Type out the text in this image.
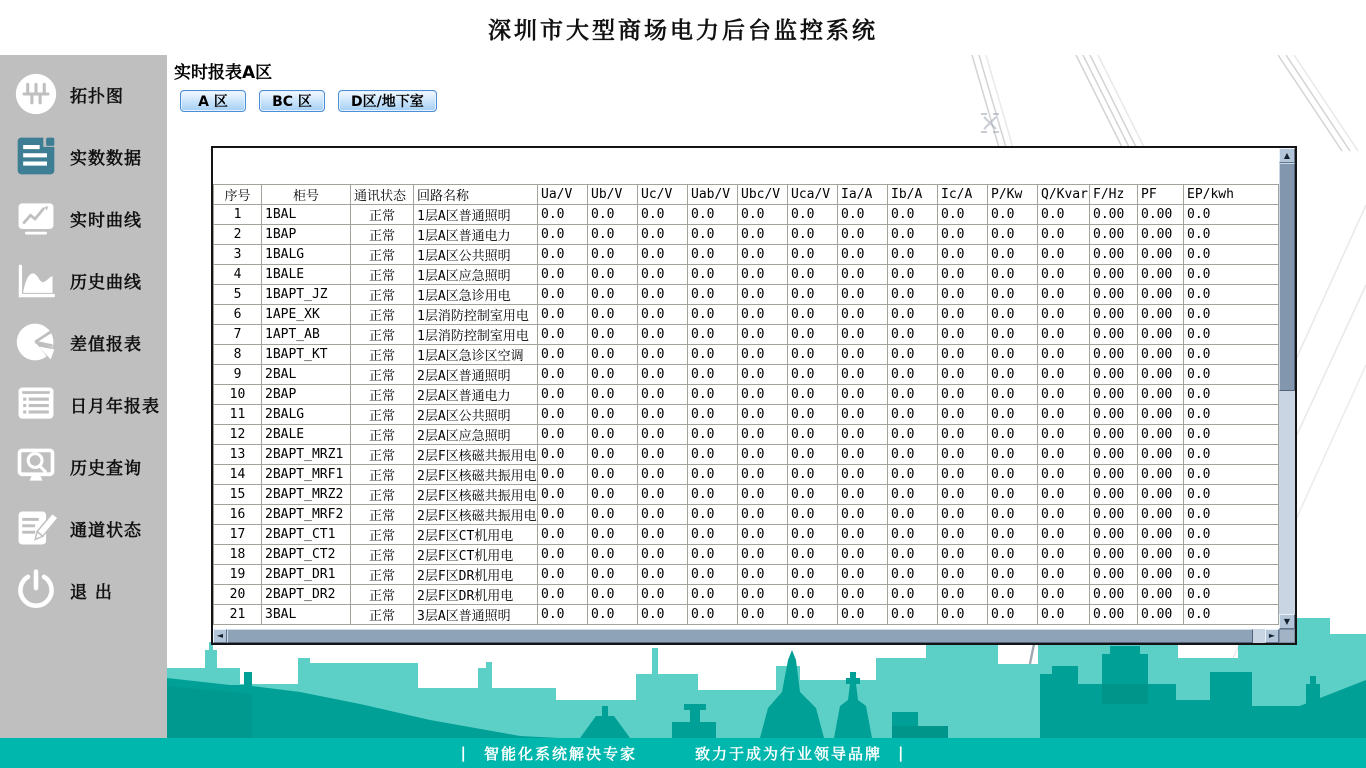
深圳市大型商场电力后台监控系统
拓扑图
实数数据
实时曲线
历史曲线
差值报表
日月年报表
历史查询
通道状态
退 出
实时报表A区
A 区	BC 区	D区/地下室
序号	柜号	通讯状态	回路名称	Ua/V	Ub/V	Uc/V	Uab/V	Ubc/V	Uca/V	Ia/A	Ib/A	Ic/A	P/Kw	Q/Kvar	F/Hz	PF	EP/kwh
1	1BAL	正常	1层A区普通照明	0.0	0.0	0.0	0.0	0.0	0.0	0.0	0.0	0.0	0.0	0.0	0.00	0.00	0.0
2	1BAP	正常	1层A区普通电力	0.0	0.0	0.0	0.0	0.0	0.0	0.0	0.0	0.0	0.0	0.0	0.00	0.00	0.0
3	1BALG	正常	1层A区公共照明	0.0	0.0	0.0	0.0	0.0	0.0	0.0	0.0	0.0	0.0	0.0	0.00	0.00	0.0
4	1BALE	正常	1层A区应急照明	0.0	0.0	0.0	0.0	0.0	0.0	0.0	0.0	0.0	0.0	0.0	0.00	0.00	0.0
5	1BAPT_JZ	正常	1层A区急诊用电	0.0	0.0	0.0	0.0	0.0	0.0	0.0	0.0	0.0	0.0	0.0	0.00	0.00	0.0
6	1APE_XK	正常	1层消防控制室用电	0.0	0.0	0.0	0.0	0.0	0.0	0.0	0.0	0.0	0.0	0.0	0.00	0.00	0.0
7	1APT_AB	正常	1层消防控制室用电	0.0	0.0	0.0	0.0	0.0	0.0	0.0	0.0	0.0	0.0	0.0	0.00	0.00	0.0
8	1BAPT_KT	正常	1层A区急诊区空调	0.0	0.0	0.0	0.0	0.0	0.0	0.0	0.0	0.0	0.0	0.0	0.00	0.00	0.0
9	2BAL	正常	2层A区普通照明	0.0	0.0	0.0	0.0	0.0	0.0	0.0	0.0	0.0	0.0	0.0	0.00	0.00	0.0
10	2BAP	正常	2层A区普通电力	0.0	0.0	0.0	0.0	0.0	0.0	0.0	0.0	0.0	0.0	0.0	0.00	0.00	0.0
11	2BALG	正常	2层A区公共照明	0.0	0.0	0.0	0.0	0.0	0.0	0.0	0.0	0.0	0.0	0.0	0.00	0.00	0.0
12	2BALE	正常	2层A区应急照明	0.0	0.0	0.0	0.0	0.0	0.0	0.0	0.0	0.0	0.0	0.0	0.00	0.00	0.0
13	2BAPT_MRZ1	正常	2层F区核磁共振用电	0.0	0.0	0.0	0.0	0.0	0.0	0.0	0.0	0.0	0.0	0.0	0.00	0.00	0.0
14	2BAPT_MRF1	正常	2层F区核磁共振用电	0.0	0.0	0.0	0.0	0.0	0.0	0.0	0.0	0.0	0.0	0.0	0.00	0.00	0.0
15	2BAPT_MRZ2	正常	2层F区核磁共振用电	0.0	0.0	0.0	0.0	0.0	0.0	0.0	0.0	0.0	0.0	0.0	0.00	0.00	0.0
16	2BAPT_MRF2	正常	2层F区核磁共振用电	0.0	0.0	0.0	0.0	0.0	0.0	0.0	0.0	0.0	0.0	0.0	0.00	0.00	0.0
17	2BAPT_CT1	正常	2层F区CT机用电	0.0	0.0	0.0	0.0	0.0	0.0	0.0	0.0	0.0	0.0	0.0	0.00	0.00	0.0
18	2BAPT_CT2	正常	2层F区CT机用电	0.0	0.0	0.0	0.0	0.0	0.0	0.0	0.0	0.0	0.0	0.0	0.00	0.00	0.0
19	2BAPT_DR1	正常	2层F区DR机用电	0.0	0.0	0.0	0.0	0.0	0.0	0.0	0.0	0.0	0.0	0.0	0.00	0.00	0.0
20	2BAPT_DR2	正常	2层F区DR机用电	0.0	0.0	0.0	0.0	0.0	0.0	0.0	0.0	0.0	0.0	0.0	0.00	0.00	0.0
21	3BAL	正常	3层A区普通照明	0.0	0.0	0.0	0.0	0.0	0.0	0.0	0.0	0.0	0.0	0.0	0.00	0.00	0.0
▲
▼
◄	►
| 智能化系统解决专家	致力于成为行业领导品牌 |
